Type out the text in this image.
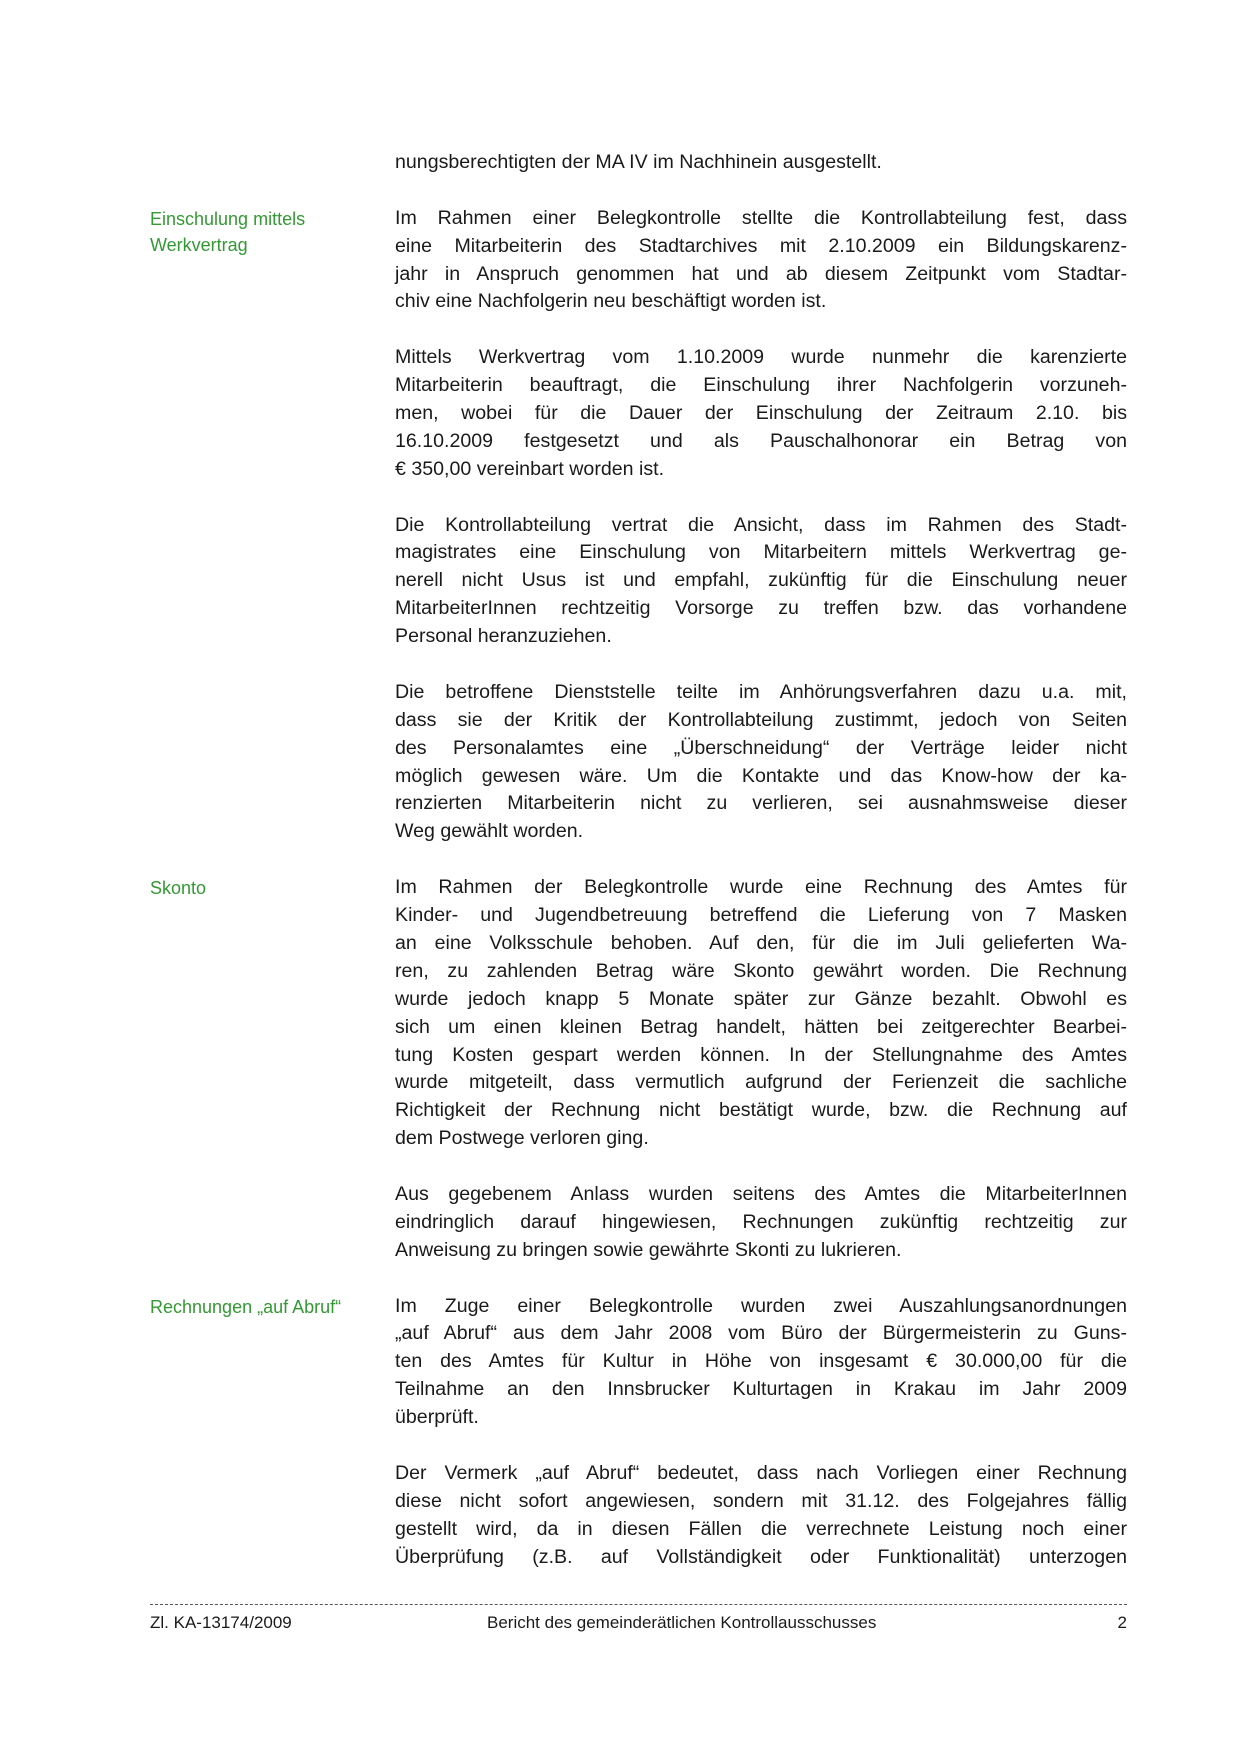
nungsberechtigten der MA IV im Nachhinein ausgestellt.
Einschulung mittels
Werkvertrag
Im Rahmen einer Belegkontrolle stellte die Kontrollabteilung fest, dass
eine Mitarbeiterin des Stadtarchives mit 2.10.2009 ein Bildungskarenz-
jahr in Anspruch genommen hat und ab diesem Zeitpunkt vom Stadtar-
chiv eine Nachfolgerin neu beschäftigt worden ist.
Mittels Werkvertrag vom 1.10.2009 wurde nunmehr die karenzierte
Mitarbeiterin beauftragt, die Einschulung ihrer Nachfolgerin vorzuneh-
men, wobei für die Dauer der Einschulung der Zeitraum 2.10. bis
16.10.2009 festgesetzt und als Pauschalhonorar ein Betrag von
€ 350,00 vereinbart worden ist.
Die Kontrollabteilung vertrat die Ansicht, dass im Rahmen des Stadt-
magistrates eine Einschulung von Mitarbeitern mittels Werkvertrag ge-
nerell nicht Usus ist und empfahl, zukünftig für die Einschulung neuer
MitarbeiterInnen rechtzeitig Vorsorge zu treffen bzw. das vorhandene
Personal heranzuziehen.
Die betroffene Dienststelle teilte im Anhörungsverfahren dazu u.a. mit,
dass sie der Kritik der Kontrollabteilung zustimmt, jedoch von Seiten
des Personalamtes eine „Überschneidung“ der Verträge leider nicht
möglich gewesen wäre. Um die Kontakte und das Know-how der ka-
renzierten Mitarbeiterin nicht zu verlieren, sei ausnahmsweise dieser
Weg gewählt worden.
Skonto	Im Rahmen der Belegkontrolle wurde eine Rechnung des Amtes für
Kinder- und Jugendbetreuung betreffend die Lieferung von 7 Masken
an eine Volksschule behoben. Auf den, für die im Juli gelieferten Wa-
ren, zu zahlenden Betrag wäre Skonto gewährt worden. Die Rechnung
wurde jedoch knapp 5 Monate später zur Gänze bezahlt. Obwohl es
sich um einen kleinen Betrag handelt, hätten bei zeitgerechter Bearbei-
tung Kosten gespart werden können. In der Stellungnahme des Amtes
wurde mitgeteilt, dass vermutlich aufgrund der Ferienzeit die sachliche
Richtigkeit der Rechnung nicht bestätigt wurde, bzw. die Rechnung auf
dem Postwege verloren ging.
Aus gegebenem Anlass wurden seitens des Amtes die MitarbeiterInnen
eindringlich darauf hingewiesen, Rechnungen zukünftig rechtzeitig zur
Anweisung zu bringen sowie gewährte Skonti zu lukrieren.
Rechnungen „auf Abruf“	Im Zuge einer Belegkontrolle wurden zwei Auszahlungsanordnungen
„auf Abruf“ aus dem Jahr 2008 vom Büro der Bürgermeisterin zu Guns-
ten des Amtes für Kultur in Höhe von insgesamt € 30.000,00 für die
Teilnahme an den Innsbrucker Kulturtagen in Krakau im Jahr 2009
überprüft.
Der Vermerk „auf Abruf“ bedeutet, dass nach Vorliegen einer Rechnung
diese nicht sofort angewiesen, sondern mit 31.12. des Folgejahres fällig
gestellt wird, da in diesen Fällen die verrechnete Leistung noch einer
Überprüfung (z.B. auf Vollständigkeit oder Funktionalität) unterzogen
Zl. KA-13174/2009	Bericht des gemeinderätlichen Kontrollausschusses	2
